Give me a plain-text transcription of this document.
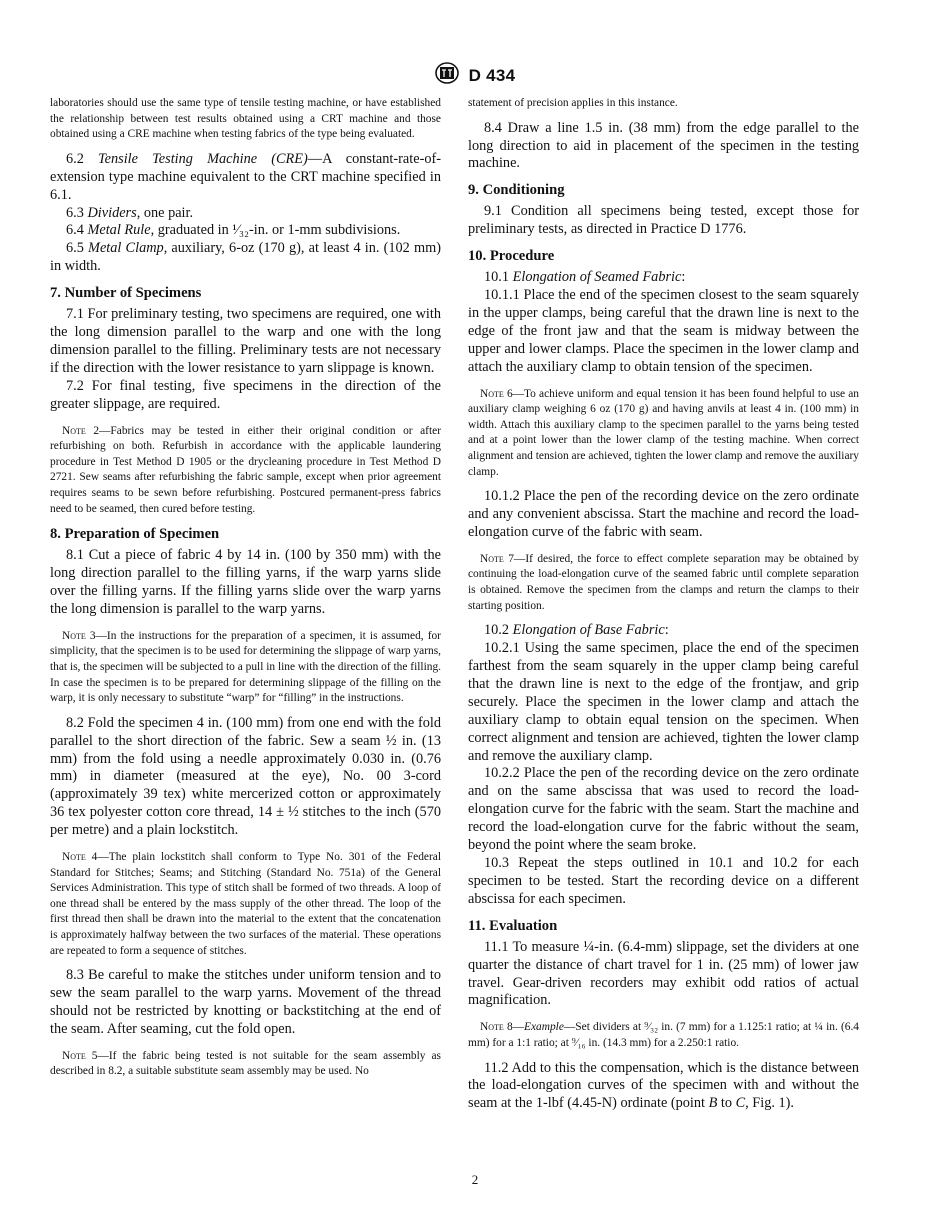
D 434

laboratories should use the same type of tensile testing machine, or have established the relationship between test results obtained using a CRT machine and those obtained using a CRE machine when testing fabrics of the type being evaluated.

6.2 Tensile Testing Machine (CRE)—A constant-rate-of-extension type machine equivalent to the CRT machine specified in 6.1.

6.3 Dividers, one pair.

6.4 Metal Rule, graduated in ¹⁄₃₂-in. or 1-mm subdivisions.

6.5 Metal Clamp, auxiliary, 6-oz (170 g), at least 4 in. (102 mm) in width.

7. Number of Specimens

7.1 For preliminary testing, two specimens are required, one with the long dimension parallel to the warp and one with the long dimension parallel to the filling. Preliminary tests are not necessary if the direction with the lower resistance to yarn slippage is known.

7.2 For final testing, five specimens in the direction of the greater slippage, are required.

Note 2—Fabrics may be tested in either their original condition or after refurbishing on both. Refurbish in accordance with the applicable laundering procedure in Test Method D 1905 or the drycleaning procedure in Test Method D 2721. Sew seams after refurbishing the fabric sample, except when prior agreement requires seams to be sewn before refurbishing. Postcured permanent-press fabrics need to be seamed, then cured before testing.

8. Preparation of Specimen

8.1 Cut a piece of fabric 4 by 14 in. (100 by 350 mm) with the long direction parallel to the filling yarns, if the warp yarns slide over the filling yarns. If the filling yarns slide over the warp yarns the long dimension is parallel to the warp yarns.

Note 3—In the instructions for the preparation of a specimen, it is assumed, for simplicity, that the specimen is to be used for determining the slippage of warp yarns, that is, the specimen will be subjected to a pull in line with the direction of the filling. In case the specimen is to be prepared for determining slippage of the filling on the warp, it is only necessary to substitute “warp” for “filling” in the instructions.

8.2 Fold the specimen 4 in. (100 mm) from one end with the fold parallel to the short direction of the fabric. Sew a seam ½ in. (13 mm) from the fold using a needle approximately 0.030 in. (0.76 mm) in diameter (measured at the eye), No. 00 3-cord (approximately 39 tex) white mercerized cotton or approximately 36 tex polyester cotton core thread, 14 ± ½ stitches to the inch (570 per metre) and a plain lockstitch.

Note 4—The plain lockstitch shall conform to Type No. 301 of the Federal Standard for Stitches; Seams; and Stitching (Standard No. 751a) of the General Services Administration. This type of stitch shall be formed of two threads. A loop of one thread shall be entered by the mass supply of the other thread. The loop of the first thread then shall be drawn into the material to the extent that the concatenation is approximately halfway between the two surfaces of the material. These operations are repeated to form a sequence of stitches.

8.3 Be careful to make the stitches under uniform tension and to sew the seam parallel to the warp yarns. Movement of the thread should not be restricted by knotting or backstitching at the end of the seam. After seaming, cut the fold open.

Note 5—If the fabric being tested is not suitable for the seam assembly as described in 8.2, a suitable substitute seam assembly may be used. No

statement of precision applies in this instance.

8.4 Draw a line 1.5 in. (38 mm) from the edge parallel to the long direction to aid in placement of the specimen in the testing machine.

9. Conditioning

9.1 Condition all specimens being tested, except those for preliminary tests, as directed in Practice D 1776.

10. Procedure

10.1 Elongation of Seamed Fabric:

10.1.1 Place the end of the specimen closest to the seam squarely in the upper clamps, being careful that the drawn line is next to the edge of the front jaw and that the seam is midway between the upper and lower clamps. Place the specimen in the lower clamp and attach the auxiliary clamp to obtain tension of the specimen.

Note 6—To achieve uniform and equal tension it has been found helpful to use an auxiliary clamp weighing 6 oz (170 g) and having anvils at least 4 in. (100 mm) in width. Attach this auxiliary clamp to the specimen parallel to the yarns being tested and at a point lower than the lower clamp of the testing machine. When correct alignment and tension are achieved, tighten the lower clamp and remove the auxiliary clamp.

10.1.2 Place the pen of the recording device on the zero ordinate and any convenient abscissa. Start the machine and record the load-elongation curve of the fabric with seam.

Note 7—If desired, the force to effect complete separation may be obtained by continuing the load-elongation curve of the seamed fabric until complete separation is obtained. Remove the specimen from the clamps and return the clamps to their starting position.

10.2 Elongation of Base Fabric:

10.2.1 Using the same specimen, place the end of the specimen farthest from the seam squarely in the upper clamp being careful that the drawn line is next to the edge of the frontjaw, and grip securely. Place the specimen in the lower clamp and attach the auxiliary clamp to obtain equal tension on the specimen. When correct alignment and tension are achieved, tighten the lower clamp and remove the auxiliary clamp.

10.2.2 Place the pen of the recording device on the zero ordinate and on the same abscissa that was used to record the load-elongation curve for the fabric with the seam. Start the machine and record the load-elongation curve for the fabric without the seam, beyond the point where the seam broke.

10.3 Repeat the steps outlined in 10.1 and 10.2 for each specimen to be tested. Start the recording device on a different abscissa for each specimen.

11. Evaluation

11.1 To measure ¼-in. (6.4-mm) slippage, set the dividers at one quarter the distance of chart travel for 1 in. (25 mm) of lower jaw travel. Gear-driven recorders may exhibit odd ratios of actual magnification.

Note 8—Example—Set dividers at ⁹⁄₃₂ in. (7 mm) for a 1.125:1 ratio; at ¼ in. (6.4 mm) for a 1:1 ratio; at ⁹⁄₁₆ in. (14.3 mm) for a 2.250:1 ratio.

11.2 Add to this the compensation, which is the distance between the load-elongation curves of the specimen with and without the seam at the 1-lbf (4.45-N) ordinate (point B to C, Fig. 1).

2
